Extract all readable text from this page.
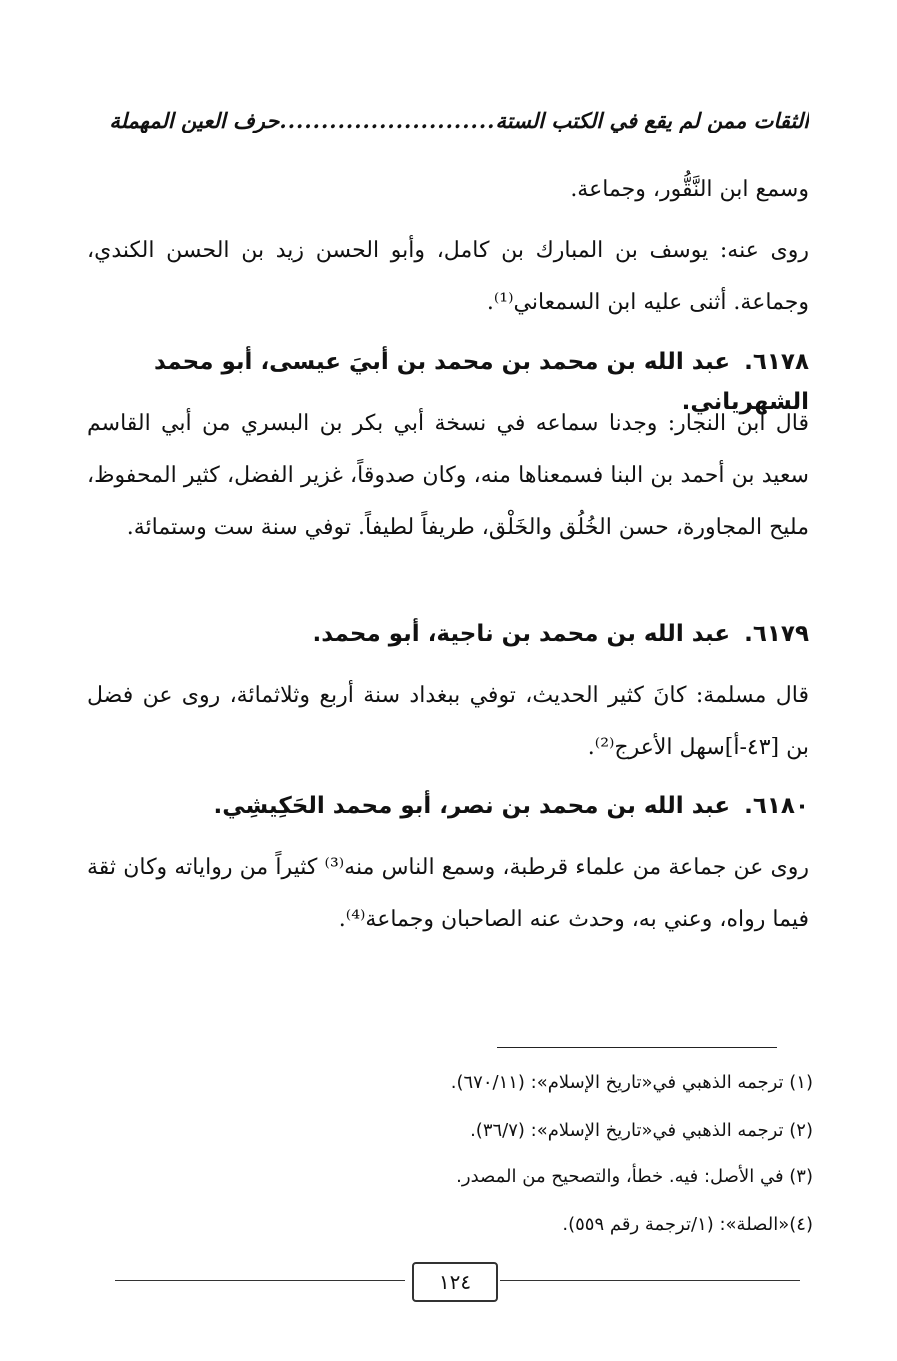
الثقات ممن لم يقع في الكتب الستة..........................حرف العين المهملة
وسمع ابن النَّقُّور، وجماعة.
روى عنه: يوسف بن المبارك بن كامل، وأبو الحسن زيد بن الحسن الكندي، وجماعة. أثنى عليه ابن السمعاني⁽¹⁾.
٦١٧٨.عبد الله بن محمد بن محمد بن أبيَ عيسى، أبو محمد الشهرياني.
قال ابن النجار: وجدنا سماعه في نسخة أبي بكر بن البسري من أبي القاسم سعيد بن أحمد بن البنا فسمعناها منه، وكان صدوقاً، غزير الفضل، كثير المحفوظ، مليح المجاورة، حسن الخُلُق والخَلْق، طريفاً لطيفاً. توفي سنة ست وستمائة.
٦١٧٩.عبد الله بن محمد بن ناجية، أبو محمد.
قال مسلمة: كانَ كثير الحديث، توفي ببغداد سنة أربع وثلاثمائة، روى عن فضل بن [٤٣-أ]سهل الأعرج⁽²⁾.
٦١٨٠.عبد الله بن محمد بن نصر، أبو محمد الحَكِيشِي.
روى عن جماعة من علماء قرطبة، وسمع الناس منه⁽³⁾ كثيراً من رواياته وكان ثقة فيما رواه، وعني به، وحدث عنه الصاحبان وجماعة⁽⁴⁾.
(١) ترجمه الذهبي في«تاريخ الإسلام»: (٦٧٠/١١).
(٢) ترجمه الذهبي في«تاريخ الإسلام»: (٣٦/٧).
(٣) في الأصل: فيه. خطأ، والتصحيح من المصدر.
(٤)«الصلة»: (١/ترجمة رقم ٥٥٩).
١٢٤
